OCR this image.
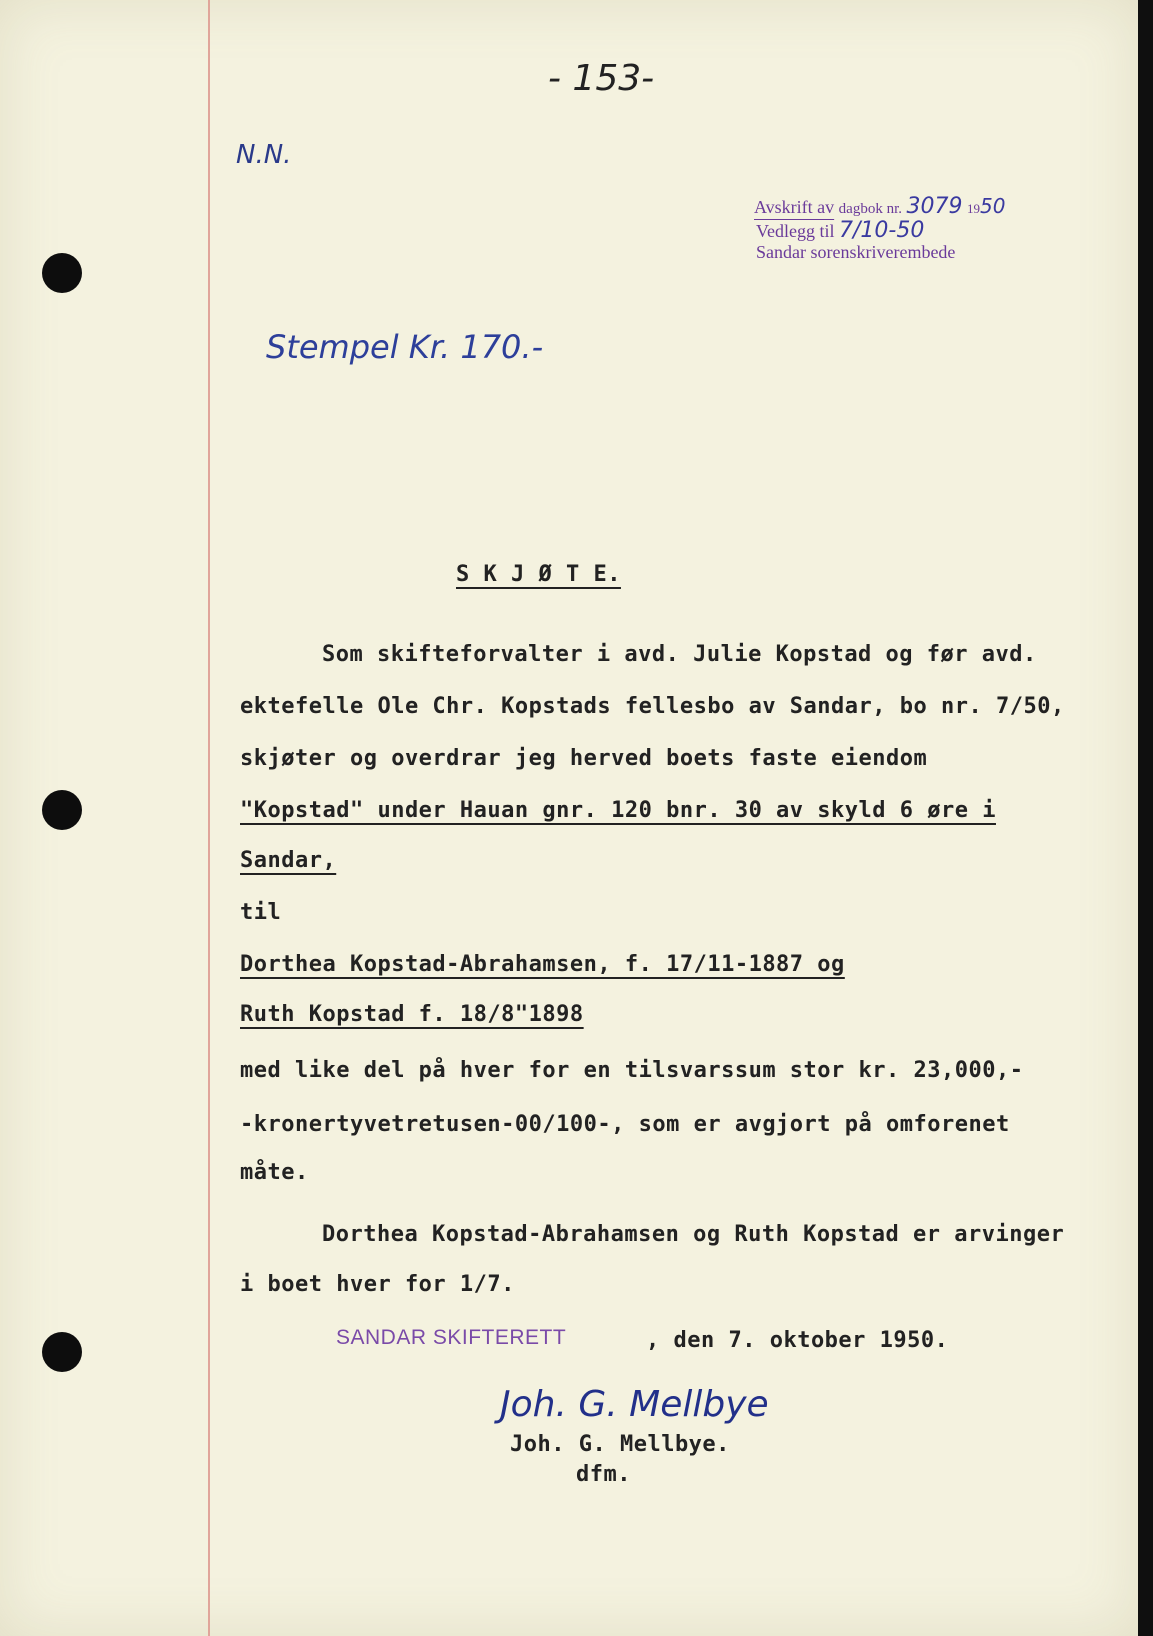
- 153-
N.N.
Avskrift av dagbok nr. 3079 1950
Vedlegg til 7/10-50
Sandar sorenskriverembede
Stempel Kr. 170.-
S K J Ø T E.
Som skifteforvalter i avd. Julie Kopstad og før avd.
ektefelle Ole Chr. Kopstads fellesbo av Sandar, bo nr. 7/50,
skjøter og overdrar jeg herved boets faste eiendom
"Kopstad" under Hauan gnr. 120 bnr. 30 av skyld 6 øre i
Sandar,
til
Dorthea Kopstad-Abrahamsen, f. 17/11-1887 og
Ruth Kopstad f. 18/8"1898
med like del på hver for en tilsvarssum stor kr. 23,000,-
-kronertyvetretusen-00/100-, som er avgjort på omforenet
måte.
Dorthea Kopstad-Abrahamsen og Ruth Kopstad er arvinger
i boet hver for 1/7.
SANDAR SKIFTERETT	, den 7. oktober 1950.
Joh. G. Mellbye
Joh. G. Mellbye.
dfm.
